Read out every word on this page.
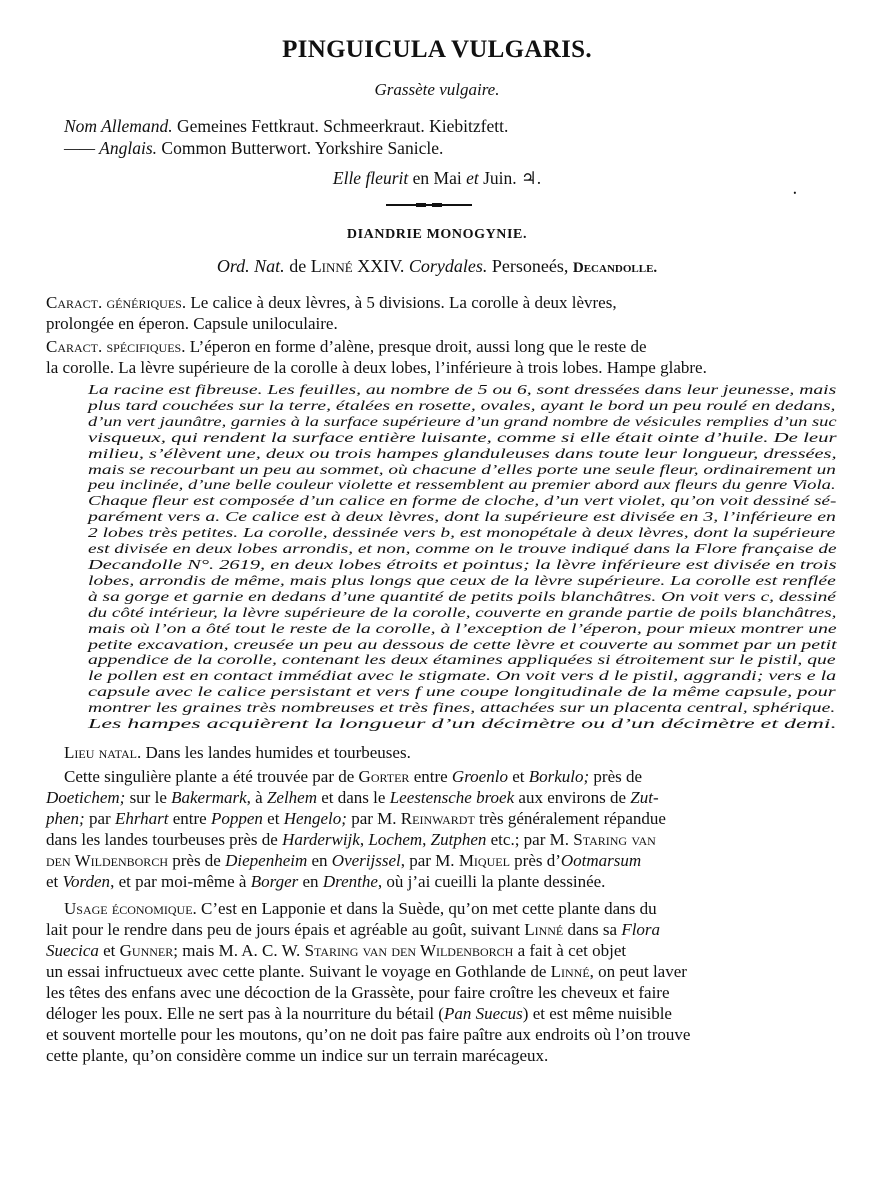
PINGUICULA VULGARIS.
Grassète vulgaire.
Nom Allemand. Gemeines Fettkraut. Schmeerkraut. Kiebitzfett.
—— Anglais. Common Butterwort. Yorkshire Sanicle.
Elle fleurit en Mai et Juin. ♃.
ꞏ
DIANDRIE MONOGYNIE.
Ord. Nat. de Linné XXIV. Corydales. Personeés, Decandolle.
Caract. génériques. Le calice à deux lèvres, à 5 divisions. La corolle à deux lèvres,
prolongée en éperon. Capsule uniloculaire.
Caract. spécifiques. L’éperon en forme d’alène, presque droit, aussi long que le reste de
la corolle. La lèvre supérieure de la corolle à deux lobes, l’inférieure à trois lobes. Hampe glabre.
La racine est fibreuse. Les feuilles, au nombre de 5 ou 6, sont dressées dans leur jeunesse, mais
plus tard couchées sur la terre, étalées en rosette, ovales, ayant le bord un peu roulé en dedans,
d’un vert jaunâtre, garnies à la surface supérieure d’un grand nombre de vésicules remplies d’un suc
visqueux, qui rendent la surface entière luisante, comme si elle était ointe d’huile. De leur
milieu, s’élèvent une, deux ou trois hampes glanduleuses dans toute leur longueur, dressées,
mais se recourbant un peu au sommet, où chacune d’elles porte une seule fleur, ordinairement un
peu inclinée, d’une belle couleur violette et ressemblent au premier abord aux fleurs du genre Viola.
Chaque fleur est composée d’un calice en forme de cloche, d’un vert violet, qu’on voit dessiné sé-
parément vers a. Ce calice est à deux lèvres, dont la supérieure est divisée en 3, l’inférieure en
2 lobes très petites. La corolle, dessinée vers b, est monopétale à deux lèvres, dont la supérieure
est divisée en deux lobes arrondis, et non, comme on le trouve indiqué dans la Flore française de
Decandolle N°. 2619, en deux lobes étroits et pointus; la lèvre inférieure est divisée en trois
lobes, arrondis de même, mais plus longs que ceux de la lèvre supérieure. La corolle est renflée
à sa gorge et garnie en dedans d’une quantité de petits poils blanchâtres. On voit vers c, dessiné
du côté intérieur, la lèvre supérieure de la corolle, couverte en grande partie de poils blanchâtres,
mais où l’on a ôté tout le reste de la corolle, à l’exception de l’éperon, pour mieux montrer une
petite excavation, creusée un peu au dessous de cette lèvre et couverte au sommet par un petit
appendice de la corolle, contenant les deux étamines appliquées si étroitement sur le pistil, que
le pollen est en contact immédiat avec le stigmate. On voit vers d le pistil, aggrandi; vers e la
capsule avec le calice persistant et vers f une coupe longitudinale de la même capsule, pour
montrer les graines très nombreuses et très fines, attachées sur un placenta central, sphérique.
Les hampes acquièrent la longueur d’un décimètre ou d’un décimètre et demi.
Lieu natal. Dans les landes humides et tourbeuses.
Cette singulière plante a été trouvée par de Gorter entre Groenlo et Borkulo; près de
Doetichem; sur le Bakermark, à Zelhem et dans le Leestensche broek aux environs de Zut-
phen; par Ehrhart entre Poppen et Hengelo; par M. Reinwardt très généralement répandue
dans les landes tourbeuses près de Harderwijk, Lochem, Zutphen etc.; par M. Staring van
den Wildenborch près de Diepenheim en Overijssel, par M. Miquel près d’Ootmarsum
et Vorden, et par moi-même à Borger en Drenthe, où j’ai cueilli la plante dessinée.
Usage économique. C’est en Lapponie et dans la Suède, qu’on met cette plante dans du
lait pour le rendre dans peu de jours épais et agréable au goût, suivant Linné dans sa Flora
Suecica et Gunner; mais M. A. C. W. Staring van den Wildenborch a fait à cet objet
un essai infructueux avec cette plante. Suivant le voyage en Gothlande de Linné, on peut laver
les têtes des enfans avec une décoction de la Grassète, pour faire croître les cheveux et faire
déloger les poux. Elle ne sert pas à la nourriture du bétail (Pan Suecus) et est même nuisible
et souvent mortelle pour les moutons, qu’on ne doit pas faire paître aux endroits où l’on trouve
cette plante, qu’on considère comme un indice sur un terrain marécageux.
